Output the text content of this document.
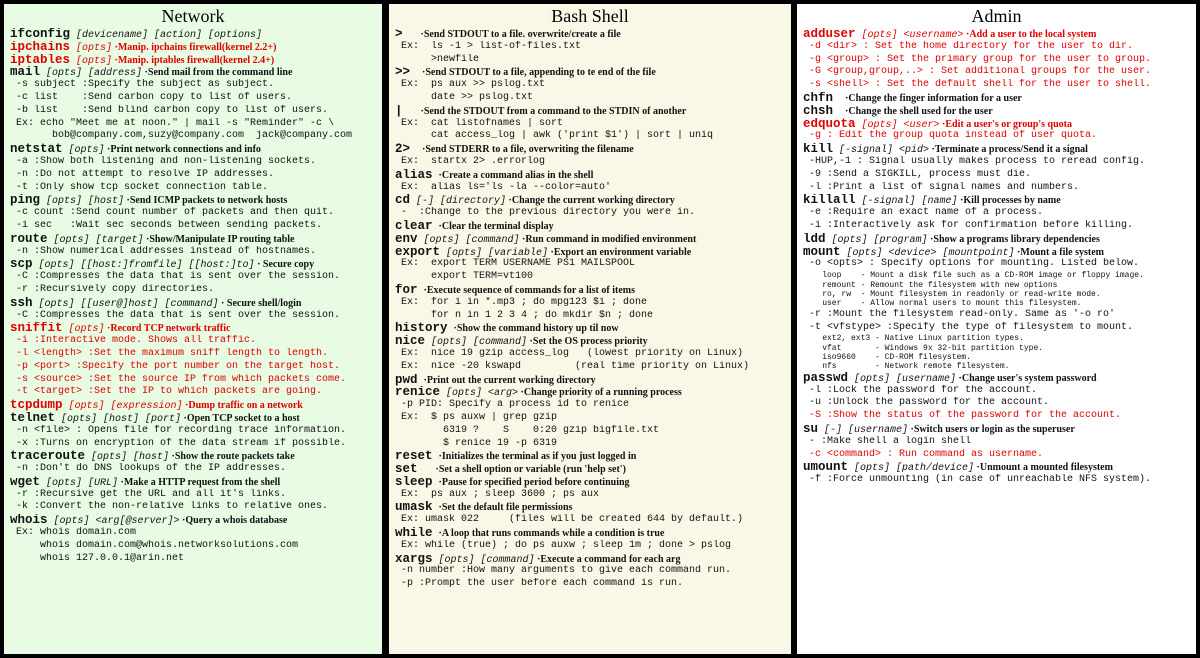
Network
ifconfig [devicename] [action] [options]
ipchains [opts] ·Manip. ipchains firewall(kernel 2.2+)
iptables [opts] ·Manip. iptables firewall(kernel 2.4+)
mail [opts] [address] ·Send mail from the command line
-s subject :Specify the subject as subject.
-c list    :Send carbon copy to list of users.
-b list    :Send blind carbon copy to list of users.
Ex: echo "Meet me at noon." | mail -s "Reminder" -c \
bob@company.com,suzy@company.com  jack@company.com
netstat [opts] ·Print network connections and info
-a :Show both listening and non-listening sockets.
-n :Do not attempt to resolve IP addresses.
-t :Only show tcp socket connection table.
ping [opts] [host] ·Send ICMP packets to network hosts
-c count :Send count number of packets and then quit.
-i sec   :Wait sec seconds between sending packets.
route [opts] [target] ·Show/Manipulate IP routing table
-n :Show numerical addresses instead of hostnames.
scp [opts] [[host:]fromfile] [[host:]to] · Secure copy
-C :Compresses the data that is sent over the session.
-r :Recursively copy directories.
ssh [opts] [[user@]host] [command] · Secure shell/login
-C :Compresses the data that is sent over the session.
sniffit [opts] ·Record TCP network traffic
-i :Interactive mode. Shows all traffic.
-l <length> :Set the maximum sniff length to length.
-p <port> :Specify the port number on the target host.
-s <source> :Set the source IP from which packets come.
-t <target> :Set the IP to which packets are going.
tcpdump [opts] [expression] ·Dump traffic on a network
telnet [opts] [host] [port] ·Open TCP socket to a host
-n <file> : Opens file for recording trace information.
-x :Turns on encryption of the data stream if possible.
traceroute [opts] [host] ·Show the route packets take
-n :Don't do DNS lookups of the IP addresses.
wget [opts] [URL] ·Make a HTTP request from the shell
-r :Recursive get the URL and all it's links.
-k :Convert the non-relative links to relative ones.
whois [opts] <arg[@server]> ·Query a whois database
Ex: whois domain.com
whois domain.com@whois.networksolutions.com
whois 127.0.0.1@arin.net
Bash Shell
> ·Send STDOUT to a file. overwrite/create a file
Ex:  ls -1 > list-of-files.txt
>newfile
>> ·Send STDOUT to a file, appending to te end of the file
Ex:  ps aux >> pslog.txt
date >> pslog.txt
| ·Send the STDOUT from a command to the STDIN of another
Ex:  cat listofnames | sort
cat access_log | awk ('print $1') | sort | uniq
2> ·Send STDERR to a file, overwriting the filename
Ex:  startx 2> .errorlog
alias ·Create a command alias in the shell
Ex:  alias ls='ls -la --color=auto'
cd [-] [directory] ·Change the current working directory
-  :Change to the previous directory you were in.
clear ·Clear the terminal display
env [opts] [command] ·Run command in modified environment
export [opts] [variable] ·Export an environment variable
Ex:  export TERM USERNAME PS1 MAILSPOOL
export TERM=vt100
for ·Execute sequence of commands for a list of items
Ex:  for i in *.mp3 ; do mpg123 $i ; done
for n in 1 2 3 4 ; do mkdir $n ; done
history ·Show the command history up til now
nice [opts] [command] ·Set the OS process priority
Ex:  nice 19 gzip access_log   (lowest priority on Linux)
Ex:  nice -20 kswapd         (real time priority on Linux)
pwd ·Print out the current working directory
renice [opts] <arg> ·Change priority of a running process
-p PID: Specify a process id to renice
Ex:  $ ps auxw | grep gzip
6319 ?    S    0:20 gzip bigfile.txt
$ renice 19 -p 6319
reset ·Initializes the terminal as if you just logged in
set ·Set a shell option or variable (run 'help set')
sleep ·Pause for specified period before continuing
Ex:  ps aux ; sleep 3600 ; ps aux
umask ·Set the default file permissions
Ex: umask 022     (files will be created 644 by default.)
while ·A loop that runs commands while a condition is true
Ex: while (true) ; do ps auxw ; sleep 1m ; done > pslog
xargs [opts] [command] ·Execute a command for each arg
-n number :How many arguments to give each command run.
-p :Prompt the user before each command is run.
Admin
adduser [opts] <username> ·Add a user to the local system
-d <dir> : Set the home directory for the user to dir.
-g <group> : Set the primary group for the user to group.
-G <group,group,..> : Set additional groups for the user.
-s <shell> : Set the default shell for the user to shell.
chfn ·Change the finger information for a user
chsh ·Change the shell used for the user
edquota [opts] <user> ·Edit a user's or group's quota
-g : Edit the group quota instead of user quota.
kill [-signal] <pid> ·Terminate a process/Send it a signal
-HUP,-1 : Signal usually makes process to reread config.
-9 :Send a SIGKILL, process must die.
-l :Print a list of signal names and numbers.
killall [-signal] [name] ·Kill processes by name
-e :Require an exact name of a process.
-i :Interactively ask for confirmation before killing.
ldd [opts] [program] ·Show a programs library dependencies
mount [opts] <device> [mountpoint] ·Mount a file system
-o <opts> : Specify options for mounting. Listed below.
loop    - Mount a disk file such as a CD-ROM image or floppy image.
remount - Remount the filesystem with new options
ro, rw  - Mount filesystem in readonly or read-write mode.
user    - Allow normal users to mount this filesystem.
-r :Mount the filesystem read-only. Same as '-o ro'
-t <vfstype> :Specify the type of filesystem to mount.
ext2, ext3 - Native Linux partition types.
vfat       - Windows 9x 32-bit partition type.
iso9660    - CD-ROM filesystem.
nfs        - Network remote filesystem.
passwd [opts] [username] ·Change user's system password
-l :Lock the password for the account.
-u :Unlock the password for the account.
-S :Show the status of the password for the account.
su [-] [username] ·Switch users or login as the superuser
- :Make shell a login shell
-c <command> : Run command as username.
umount [opts] [path/device] ·Unmount a mounted filesystem
-f :Force unmounting (in case of unreachable NFS system).
